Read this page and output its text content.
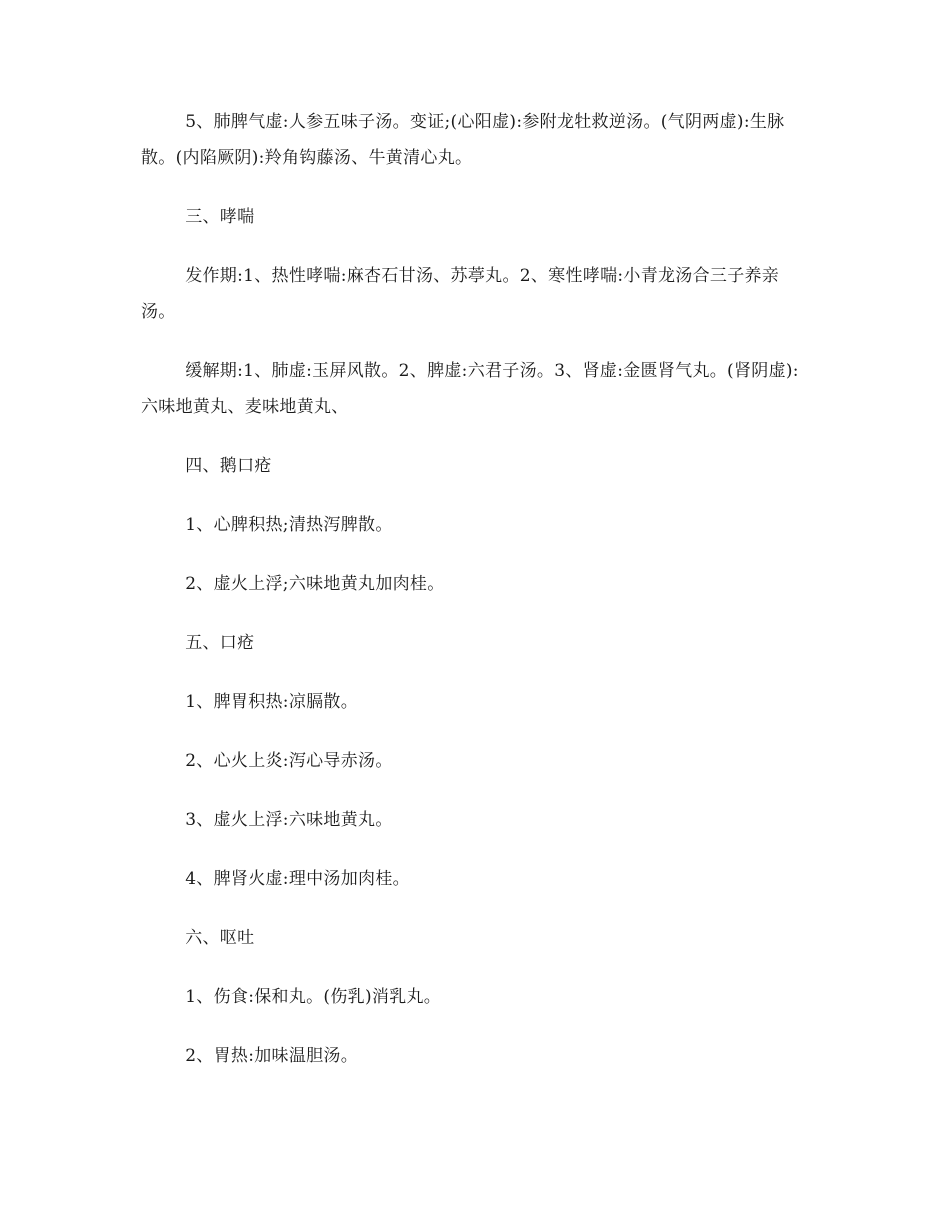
5、肺脾气虚:人参五味子汤。变证;(心阳虚):参附龙牡救逆汤。(气阴两虚):生脉散。(内陷厥阴):羚角钩藤汤、牛黄清心丸。

三、哮喘

发作期:1、热性哮喘:麻杏石甘汤、苏葶丸。2、寒性哮喘:小青龙汤合三子养亲汤。

缓解期:1、肺虚:玉屏风散。2、脾虚:六君子汤。3、肾虚:金匮肾气丸。(肾阴虚):六味地黄丸、麦味地黄丸、

四、鹅口疮

1、心脾积热;清热泻脾散。

2、虚火上浮;六味地黄丸加肉桂。

五、口疮

1、脾胃积热:凉膈散。

2、心火上炎:泻心导赤汤。

3、虚火上浮:六味地黄丸。

4、脾肾火虚:理中汤加肉桂。

六、呕吐

1、伤食:保和丸。(伤乳)消乳丸。

2、胃热:加味温胆汤。
